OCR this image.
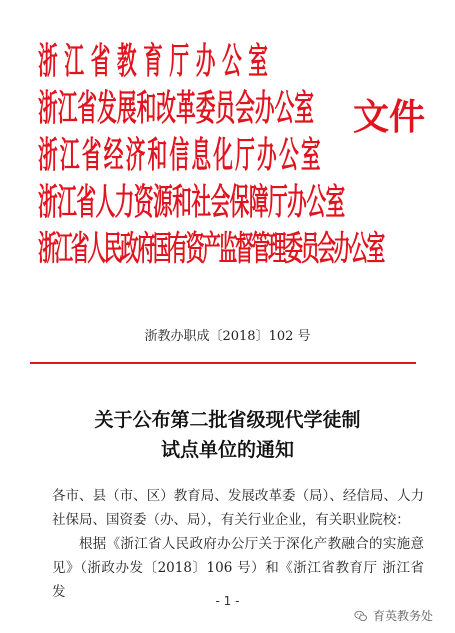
浙江省教育厅办公室
浙江省发展和改革委员会办公室
浙江省经济和信息化厅办公室
浙江省人力资源和社会保障厅办公室
浙江省人民政府国有资产监督管理委员会办公室
文件
浙教办职成〔2018〕102 号
关于公布第二批省级现代学徒制
试点单位的通知

各市、县（市、区）教育局、发展改革委（局）、经信局、人力

社保局、国资委（办、局），有关行业企业，有关职业院校：

根据《浙江省人民政府办公厅关于深化产教融合的实施意

见》（浙政办发〔2018〕106 号）和《浙江省教育厅 浙江省发

- 1 -
育英教务处
